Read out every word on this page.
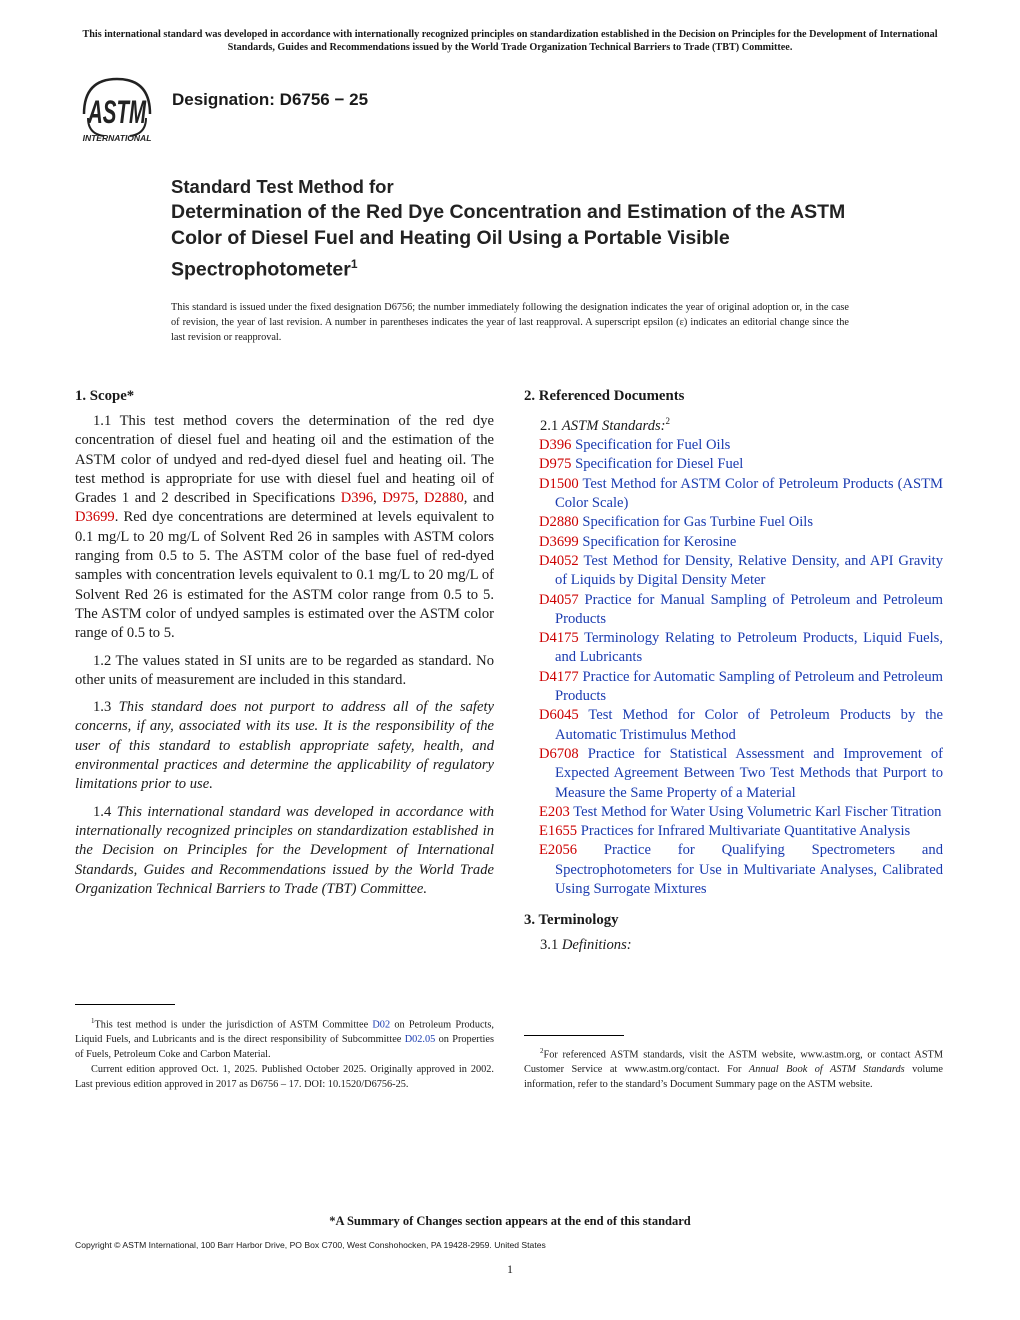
This international standard was developed in accordance with internationally recognized principles on standardization established in the Decision on Principles for the Development of International Standards, Guides and Recommendations issued by the World Trade Organization Technical Barriers to Trade (TBT) Committee.
ASTM
INTERNATIONAL
Designation: D6756 − 25
Standard Test Method for
Determination of the Red Dye Concentration and Estimation of the ASTM Color of Diesel Fuel and Heating Oil Using a Portable Visible Spectrophotometer$^1$
This standard is issued under the fixed designation D6756; the number immediately following the designation indicates the year of original adoption or, in the case of revision, the year of last revision. A number in parentheses indicates the year of last reapproval. A superscript epsilon (ε) indicates an editorial change since the last revision or reapproval.
1. Scope*

1.1 This test method covers the determination of the red dye concentration of diesel fuel and heating oil and the estimation of the ASTM color of undyed and red-dyed diesel fuel and heating oil. The test method is appropriate for use with diesel fuel and heating oil of Grades 1 and 2 described in Specifications D396, D975, D2880, and D3699. Red dye concentrations are determined at levels equivalent to 0.1 mg/L to 20 mg/L of Solvent Red 26 in samples with ASTM colors ranging from 0.5 to 5. The ASTM color of the base fuel of red-dyed samples with concentration levels equivalent to 0.1 mg/L to 20 mg/L of Solvent Red 26 is estimated for the ASTM color range from 0.5 to 5. The ASTM color of undyed samples is estimated over the ASTM color range of 0.5 to 5.

1.2 The values stated in SI units are to be regarded as standard. No other units of measurement are included in this standard.

1.3 This standard does not purport to address all of the safety concerns, if any, associated with its use. It is the responsibility of the user of this standard to establish appropriate safety, health, and environmental practices and determine the applicability of regulatory limitations prior to use.

1.4 This international standard was developed in accordance with internationally recognized principles on standardization established in the Decision on Principles for the Development of International Standards, Guides and Recommendations issued by the World Trade Organization Technical Barriers to Trade (TBT) Committee.

2. Referenced Documents

2.1 ASTM Standards:$^2$

D396 Specification for Fuel Oils

D975 Specification for Diesel Fuel

D1500 Test Method for ASTM Color of Petroleum Products (ASTM Color Scale)

D2880 Specification for Gas Turbine Fuel Oils

D3699 Specification for Kerosine

D4052 Test Method for Density, Relative Density, and API Gravity of Liquids by Digital Density Meter

D4057 Practice for Manual Sampling of Petroleum and Petroleum Products

D4175 Terminology Relating to Petroleum Products, Liquid Fuels, and Lubricants

D4177 Practice for Automatic Sampling of Petroleum and Petroleum Products

D6045 Test Method for Color of Petroleum Products by the Automatic Tristimulus Method

D6708 Practice for Statistical Assessment and Improvement of Expected Agreement Between Two Test Methods that Purport to Measure the Same Property of a Material

E203 Test Method for Water Using Volumetric Karl Fischer Titration

E1655 Practices for Infrared Multivariate Quantitative Analysis

E2056 Practice for Qualifying Spectrometers and Spectrophotometers for Use in Multivariate Analyses, Calibrated Using Surrogate Mixtures

3. Terminology

3.1 Definitions:

$^1$This test method is under the jurisdiction of ASTM Committee D02 on Petroleum Products, Liquid Fuels, and Lubricants and is the direct responsibility of Subcommittee D02.05 on Properties of Fuels, Petroleum Coke and Carbon Material.
Current edition approved Oct. 1, 2025. Published October 2025. Originally approved in 2002. Last previous edition approved in 2017 as D6756 – 17. DOI: 10.1520/D6756-25.
$^2$For referenced ASTM standards, visit the ASTM website, www.astm.org, or contact ASTM Customer Service at www.astm.org/contact. For Annual Book of ASTM Standards volume information, refer to the standard’s Document Summary page on the ASTM website.
*A Summary of Changes section appears at the end of this standard
Copyright © ASTM International, 100 Barr Harbor Drive, PO Box C700, West Conshohocken, PA 19428-2959. United States
1
